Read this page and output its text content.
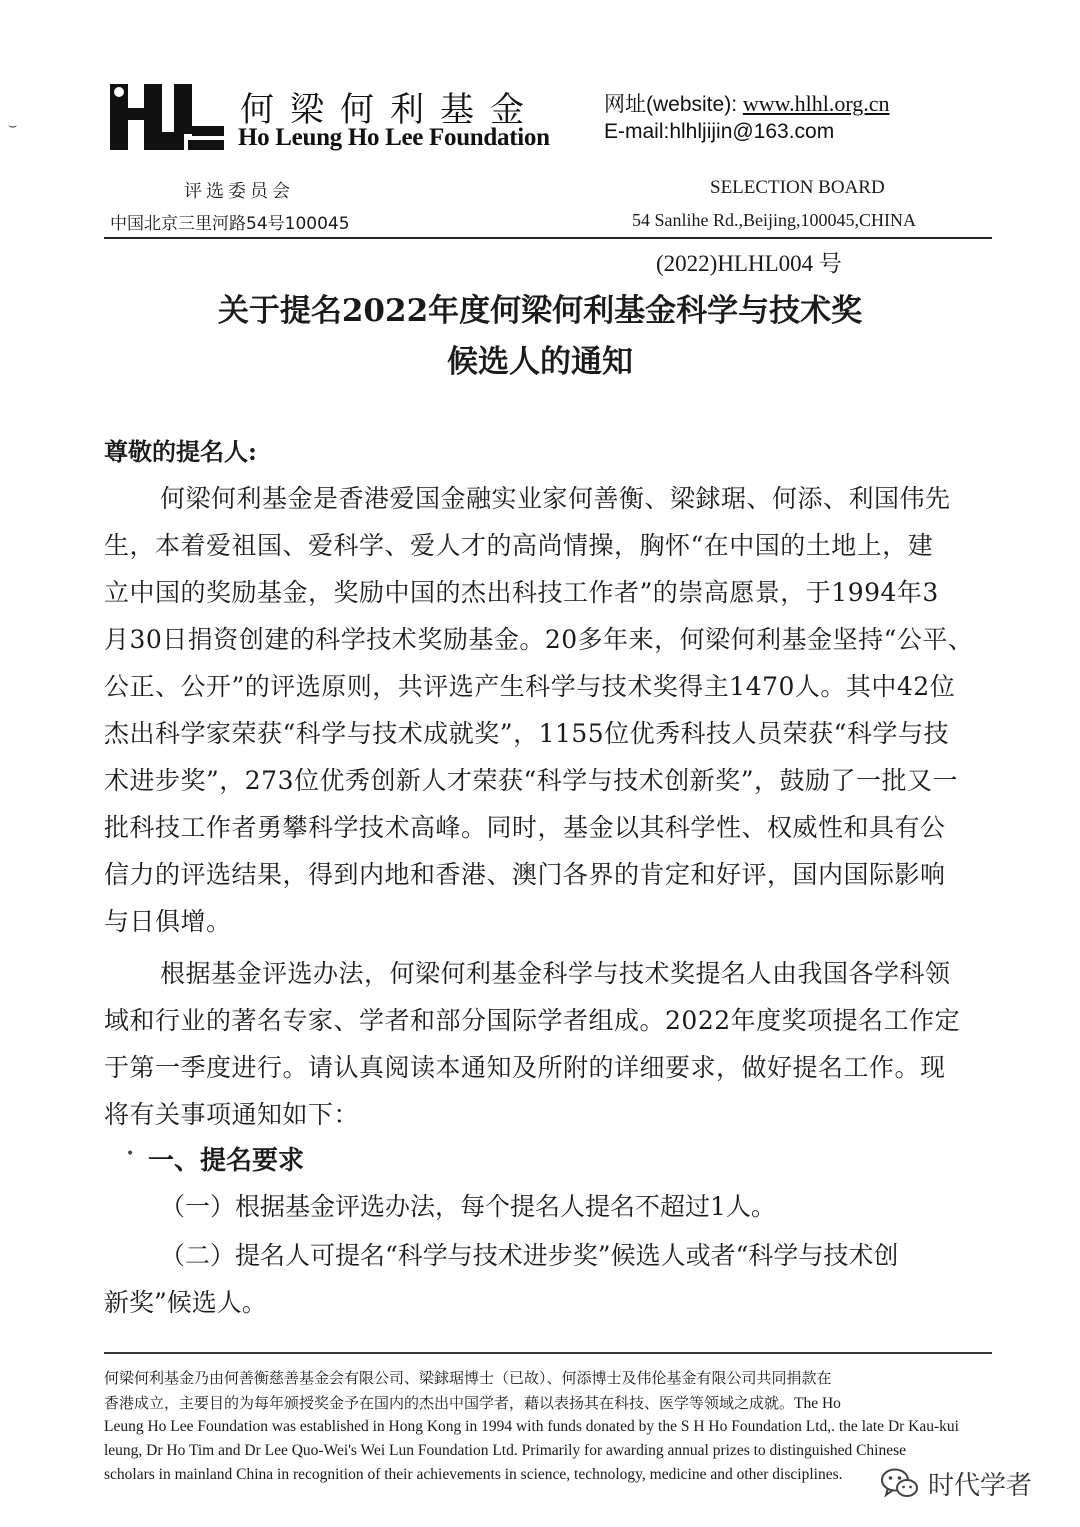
⌣	何梁何利基金
Ho Leung Ho Lee Foundation
网址(website): www.hlhl.org.cn
E-mail:hlhljijin@163.com
评选委员会
中国北京三里河路54号100045
SELECTION BOARD
54 Sanlihe Rd.,Beijing,100045,CHINA
(2022)HLHL004 号
关于提名2022年度何梁何利基金科学与技术奖
候选人的通知
尊敬的提名人:
何梁何利基金是香港爱国金融实业家何善衡、梁銶琚、何添、利国伟先
生，本着爱祖国、爱科学、爱人才的高尚情操，胸怀“在中国的土地上，建
立中国的奖励基金，奖励中国的杰出科技工作者”的崇高愿景，于1994年3
月30日捐资创建的科学技术奖励基金。20多年来，何梁何利基金坚持“公平、
公正、公开”的评选原则，共评选产生科学与技术奖得主1470人。其中42位
杰出科学家荣获“科学与技术成就奖”，1155位优秀科技人员荣获“科学与技
术进步奖”，273位优秀创新人才荣获“科学与技术创新奖”，鼓励了一批又一
批科技工作者勇攀科学技术高峰。同时，基金以其科学性、权威性和具有公
信力的评选结果，得到内地和香港、澳门各界的肯定和好评，国内国际影响
与日俱增。
根据基金评选办法，何梁何利基金科学与技术奖提名人由我国各学科领
域和行业的著名专家、学者和部分国际学者组成。2022年度奖项提名工作定
于第一季度进行。请认真阅读本通知及所附的详细要求，做好提名工作。现
将有关事项通知如下：
• 一、提名要求
（一）根据基金评选办法，每个提名人提名不超过1人。
（二）提名人可提名“科学与技术进步奖”候选人或者“科学与技术创
新奖”候选人。
何梁何利基金乃由何善衡慈善基金会有限公司、梁銶琚博士（已故）、何添博士及伟伦基金有限公司共同捐款在
香港成立，主要目的为每年颁授奖金予在国内的杰出中国学者，藉以表扬其在科技、医学等领域之成就。The Ho
Leung Ho Lee Foundation was established in Hong Kong in 1994 with funds donated by the S H Ho Foundation Ltd,. the late Dr Kau-kui
leung, Dr Ho Tim and Dr Lee Quo-Wei's Wei Lun Foundation Ltd. Primarily for awarding annual prizes to distinguished Chinese
scholars in mainland China in recognition of their achievements in science, technology, medicine and other disciplines.	时代学者
